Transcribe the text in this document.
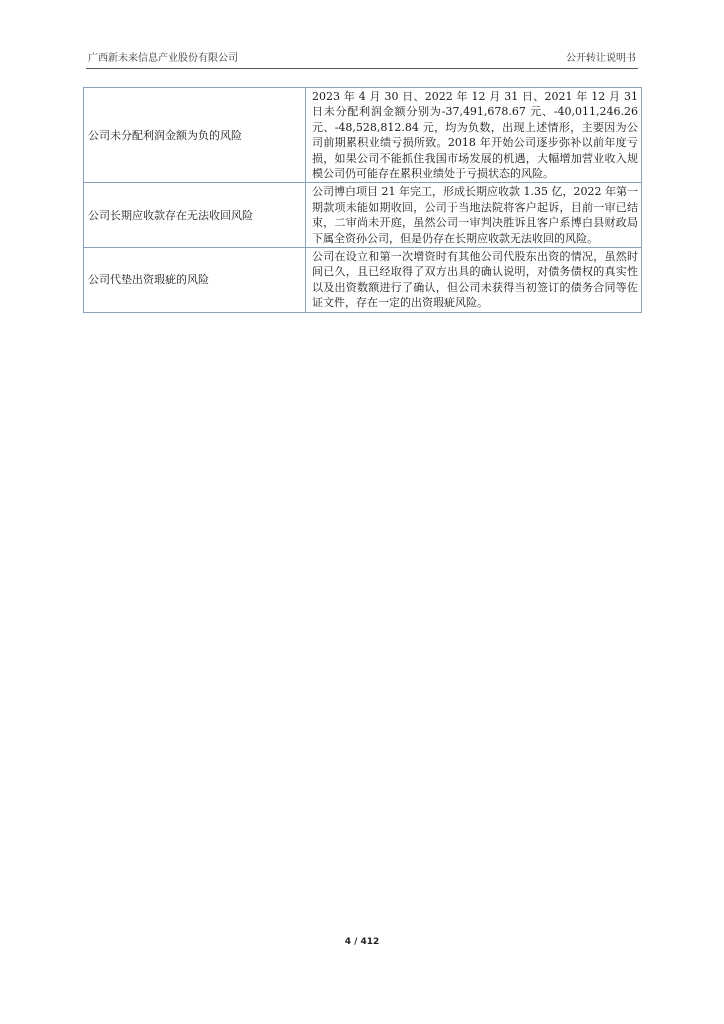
广西新未来信息产业股份有限公司	公开转让说明书
公司未分配利润金额为负的风险	2023 年 4 月 30 日、2022 年 12 月 31 日、2021 年 12 月 31 日未分配利润金额分别为-37,491,678.67 元、-40,011,246.26 元、-48,528,812.84 元，均为负数，出现上述情形，主要因为公司前期累积业绩亏损所致。2018 年开始公司逐步弥补以前年度亏损，如果公司不能抓住我国市场发展的机遇，大幅增加营业收入规模公司仍可能存在累积业绩处于亏损状态的风险。
公司长期应收款存在无法收回风险	公司博白项目 21 年完工，形成长期应收款 1.35 亿，2022 年第一期款项未能如期收回，公司于当地法院将客户起诉，目前一审已结束，二审尚未开庭，虽然公司一审判决胜诉且客户系博白县财政局下属全资孙公司，但是仍存在长期应收款无法收回的风险。
公司代垫出资瑕疵的风险	公司在设立和第一次增资时有其他公司代股东出资的情况，虽然时间已久，且已经取得了双方出具的确认说明，对债务债权的真实性以及出资数额进行了确认，但公司未获得当初签订的债务合同等佐证文件，存在一定的出资瑕疵风险。
4 / 412
